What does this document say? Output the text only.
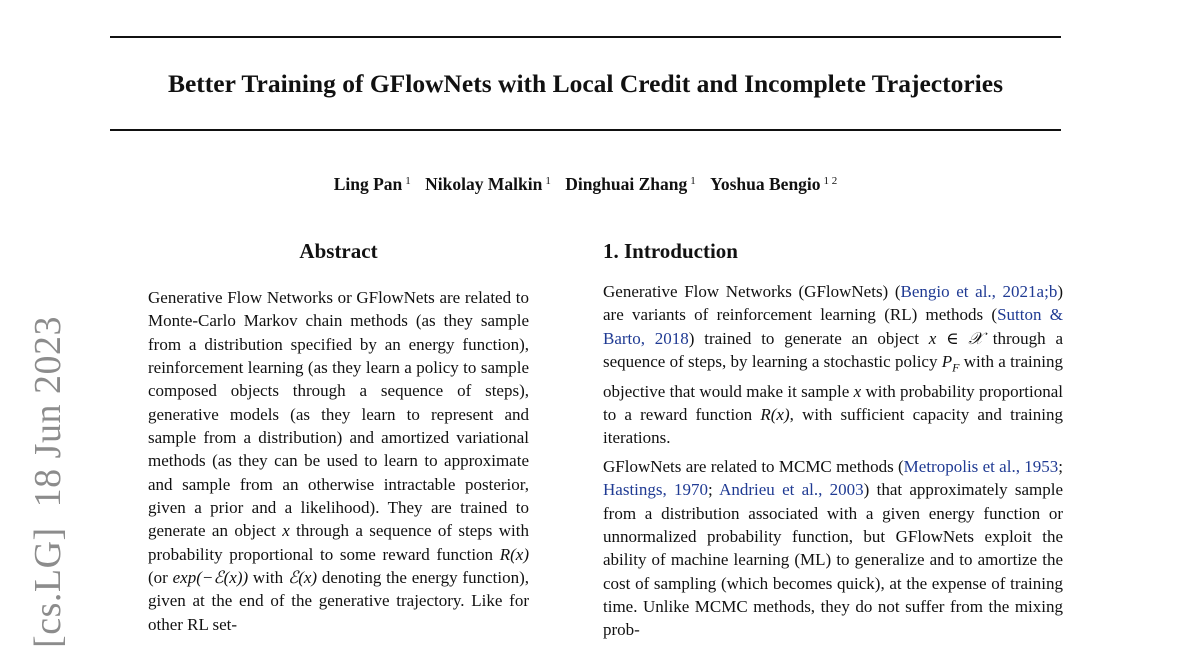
Better Training of GFlowNets with Local Credit and Incomplete Trajectories
Ling Pan $^1$ Nikolay Malkin $^1$ Dinghuai Zhang $^1$ Yoshua Bengio $^{1 2}$
[cs.LG]  18 Jun 2023
Abstract

Generative Flow Networks or GFlowNets are related to Monte-Carlo Markov chain methods (as they sample from a distribution specified by an energy function), reinforcement learning (as they learn a policy to sample composed objects through a sequence of steps), generative models (as they learn to represent and sample from a distribution) and amortized variational methods (as they can be used to learn to approximate and sample from an otherwise intractable posterior, given a prior and a likelihood). They are trained to generate an object x through a sequence of steps with probability proportional to some reward function R(x) (or exp(−ℰ(x)) with ℰ(x) denoting the energy function), given at the end of the generative trajectory. Like for other RL set-

1. Introduction

Generative Flow Networks (GFlowNets) (Bengio et al., 2021a;b) are variants of reinforcement learning (RL) methods (Sutton & Barto, 2018) trained to generate an object x ∈ 𝒳 through a sequence of steps, by learning a stochastic policy $P_F$ with a training objective that would make it sample x with probability proportional to a reward function R(x), with sufficient capacity and training iterations.

GFlowNets are related to MCMC methods (Metropolis et al., 1953; Hastings, 1970; Andrieu et al., 2003) that approximately sample from a distribution associated with a given energy function or unnormalized probability function, but GFlowNets exploit the ability of machine learning (ML) to generalize and to amortize the cost of sampling (which becomes quick), at the expense of training time. Unlike MCMC methods, they do not suffer from the mixing prob-
